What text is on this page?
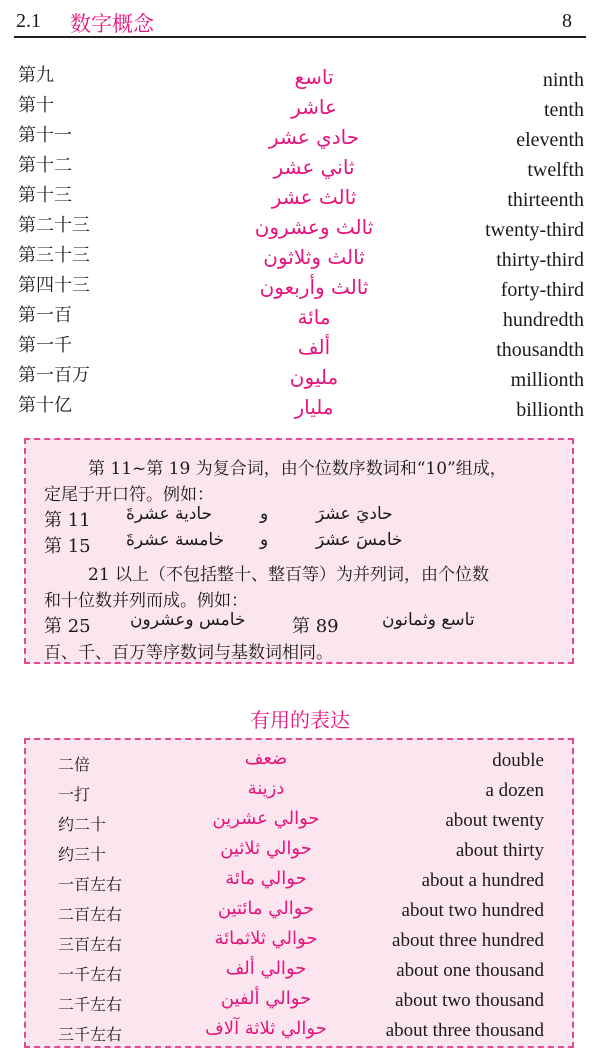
2.1 数字概念	8
第九	تاسع	ninth
第十	عاشر	tenth
第十一	حادي عشر	eleventh
第十二	ثاني عشر	twelfth
第十三	ثالث عشر	thirteenth
第二十三	ثالث وعشرون	twenty-third
第三十三	ثالث وثلاثون	thirty-third
第四十三	ثالث وأربعون	forty-third
第一百	مائة	hundredth
第一千	ألف	thousandth
第一百万	مليون	millionth
第十亿	مليار	billionth
第 11~第 19 为复合词，由个位数序数词和“10”组成，
定尾于开口符。例如：
第 11 حادية عشرةَ	و	حاديَ عشرَ
第 15 خامسة عشرةَ و	خامسَ عشرَ
21 以上（不包括整十、整百等）为并列词，由个位数
和十位数并列而成。例如：
第 25 خامس وعشرون	第 89	تاسع وثمانون
百、千、百万等序数词与基数词相同。
有用的表达
二倍	ضعف	double
一打	دزينة	a dozen
约二十	حوالي عشرين	about twenty
约三十	حوالي ثلاثين	about thirty
一百左右	حوالي مائة	about a hundred
二百左右	حوالي مائتين	about two hundred
三百左右	حوالي ثلاثمائة	about three hundred
一千左右	حوالي ألف	about one thousand
二千左右	حوالي ألفين	about two thousand
三千左右	حوالي ثلاثة آلاف	about three thousand
